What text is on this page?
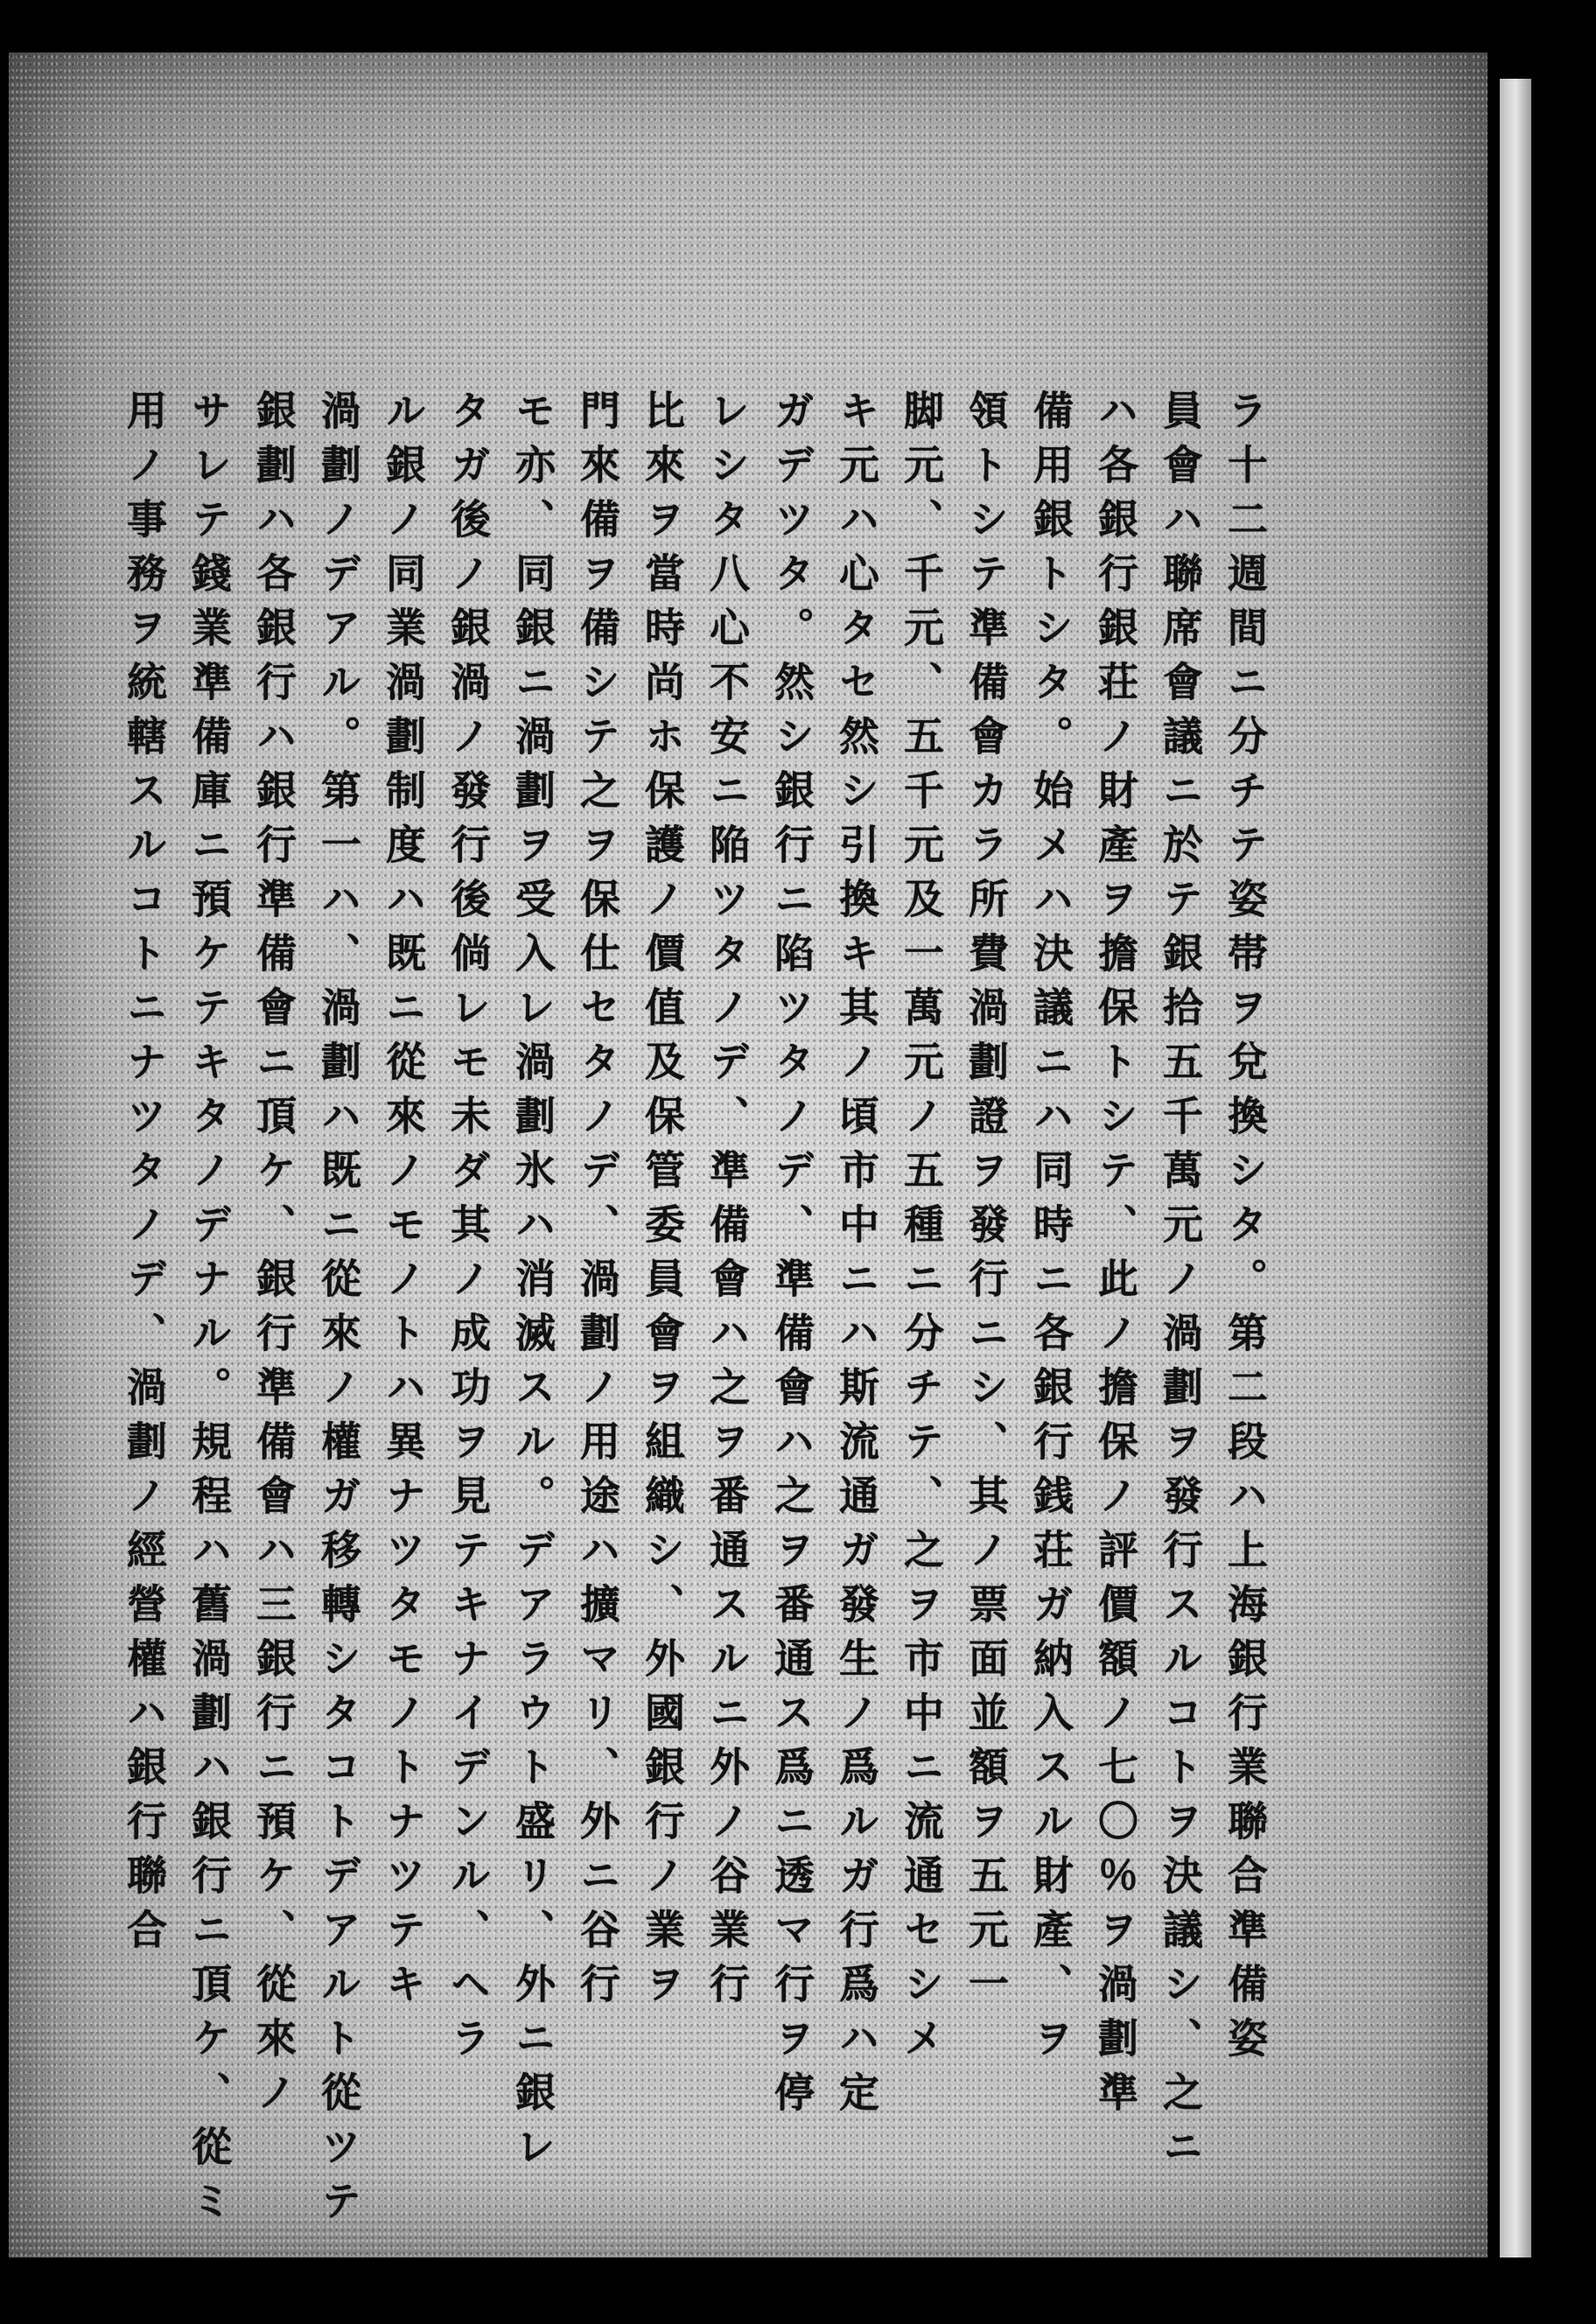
ラ十二週間ニ分チテ姿帯ヲ兌換シタ。第二段ハ上海銀行業聯合準備姿
員會ハ聯席會議ニ於テ銀拾五千萬元ノ渦劃ヲ發行スルコトヲ決議シ、之ニ
ハ各銀行銀荘ノ財產ヲ擔保トシテ、此ノ擔保ノ評價額ノ七〇％ヲ渦劃準
備用銀トシタ。始メハ決議ニハ同時ニ各銀行銭荘ガ納入スル財產、ヲ
領トシテ準備會カラ所費渦劃證ヲ發行ニシ、其ノ票面並額ヲ五元一
脚元、千元、五千元及一萬元ノ五種ニ分チテ、之ヲ市中ニ流通セシメ
キ元ハ心タセ然シ引換キ其ノ頃市中ニハ斯流通ガ發生ノ爲ルガ行爲ハ定
ガデツタ。然シ銀行ニ陷ツタノデ、準備會ハ之ヲ番通ス爲ニ透マ行ヲ停
レシタ八心不安ニ陥ツタノデ、準備會ハ之ヲ番通スルニ外ノ谷業行
比來ヲ當時尚ホ保護ノ價值及保管委員會ヲ組織シ、外國銀行ノ業ヲ
門來備ヲ備シテ之ヲ保仕セタノデ、渦劃ノ用途ハ擴マリ、外ニ谷行
モ亦、同銀ニ渦劃ヲ受入レ渦劃氷ハ消滅スル。デアラウト盛リ、外ニ銀レ
タガ後ノ銀渦ノ發行後倘レモ未ダ其ノ成功ヲ見テキナイデンル、ヘラ
ル銀ノ同業渦劃制度ハ既ニ從來ノモノトハ異ナツタモノトナツテキ
渦劃ノデアル。第一ハ、渦劃ハ既ニ從來ノ權ガ移轉シタコトデアルト從ツテ
銀劃ハ各銀行ハ銀行準備會ニ頂ケ、銀行準備會ハ三銀行ニ預ケ、從來ノ
サレテ錢業準備庫ニ預ケテキタノデナル。規程ハ舊渦劃ハ銀行ニ頂ケ、從ミ
用ノ事務ヲ統轄スルコトニナツタノデ、渦劃ノ經營權ハ銀行聯合
